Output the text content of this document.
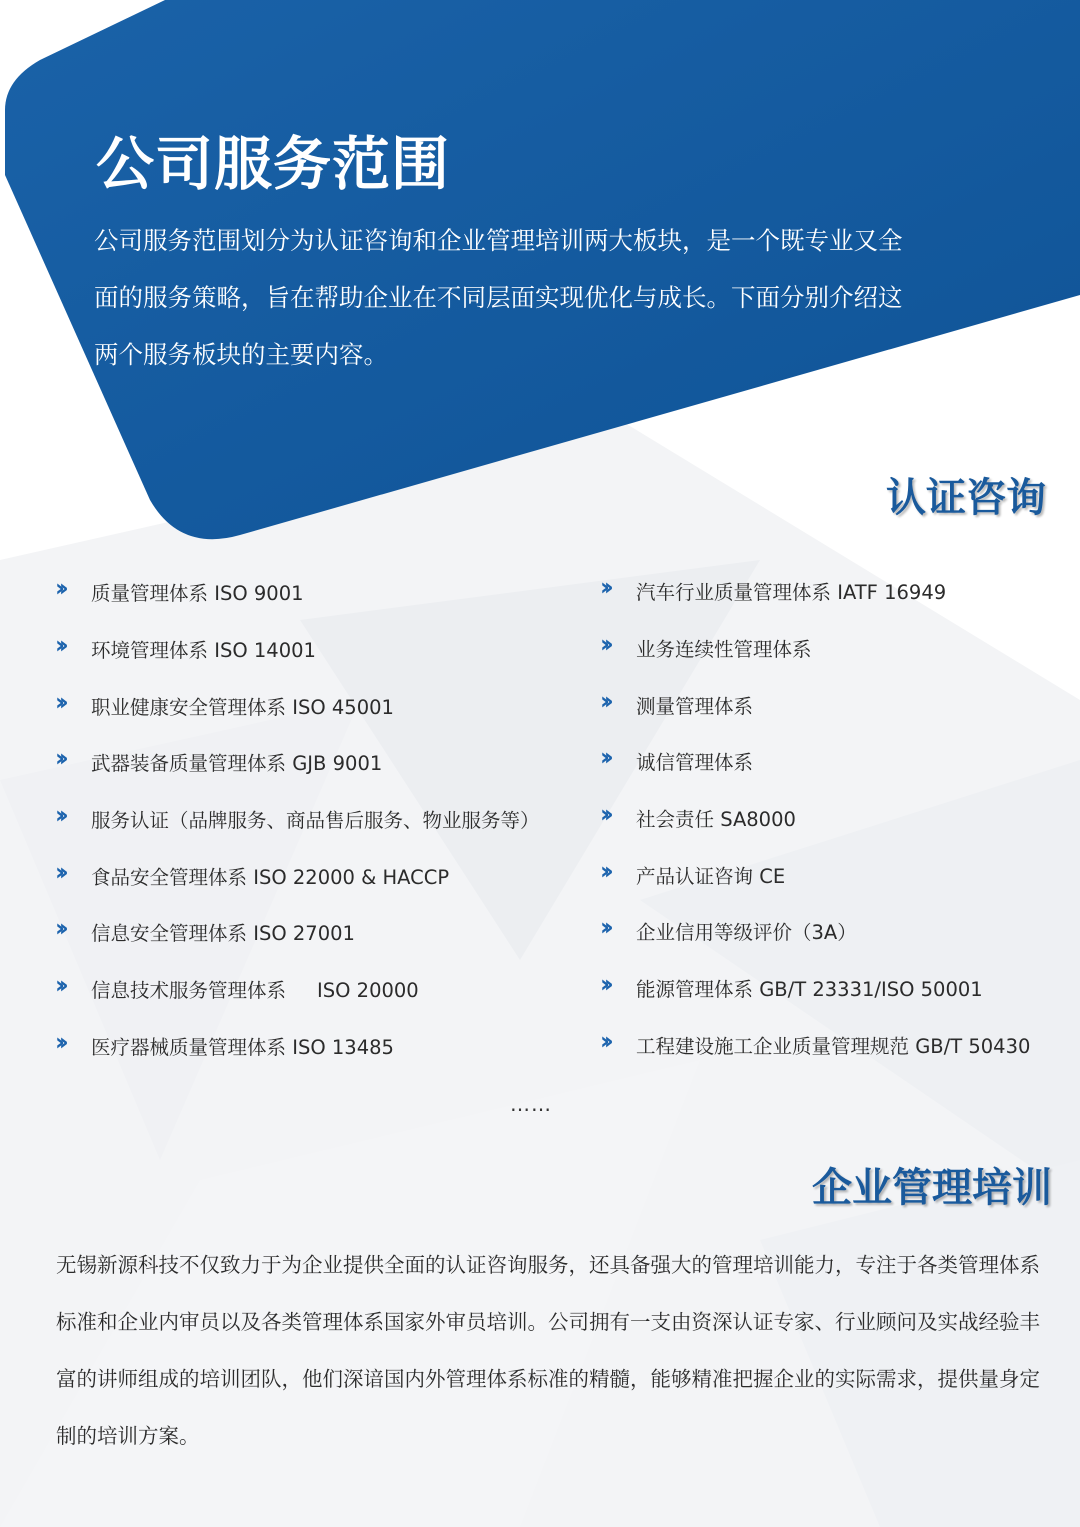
公司服务范围

公司服务范围划分为认证咨询和企业管理培训两大板块，是一个既专业又全面的服务策略，旨在帮助企业在不同层面实现优化与成长。下面分别介绍这两个服务板块的主要内容。

认证咨询
››	质量管理体系 ISO 9001
››	环境管理体系 ISO 14001
››	职业健康安全管理体系 ISO 45001
››	武器装备质量管理体系 GJB 9001
››	服务认证（品牌服务、商品售后服务、物业服务等）
››	食品安全管理体系 ISO 22000 & HACCP
››	信息安全管理体系 ISO 27001
››	信息技术服务管理体系     ISO 20000
››	医疗器械质量管理体系 ISO 13485
››	汽车行业质量管理体系 IATF 16949
››	业务连续性管理体系
››	测量管理体系
››	诚信管理体系
››	社会责任 SA8000
››	产品认证咨询 CE
››	企业信用等级评价（3A）
››	能源管理体系 GB/T 23331/ISO 50001
››	工程建设施工企业质量管理规范 GB/T 50430
……
企业管理培训

无锡新源科技不仅致力于为企业提供全面的认证咨询服务，还具备强大的管理培训能力，专注于各类管理体系标准和企业内审员以及各类管理体系国家外审员培训。公司拥有一支由资深认证专家、行业顾问及实战经验丰富的讲师组成的培训团队，他们深谙国内外管理体系标准的精髓，能够精准把握企业的实际需求，提供量身定制的培训方案。
